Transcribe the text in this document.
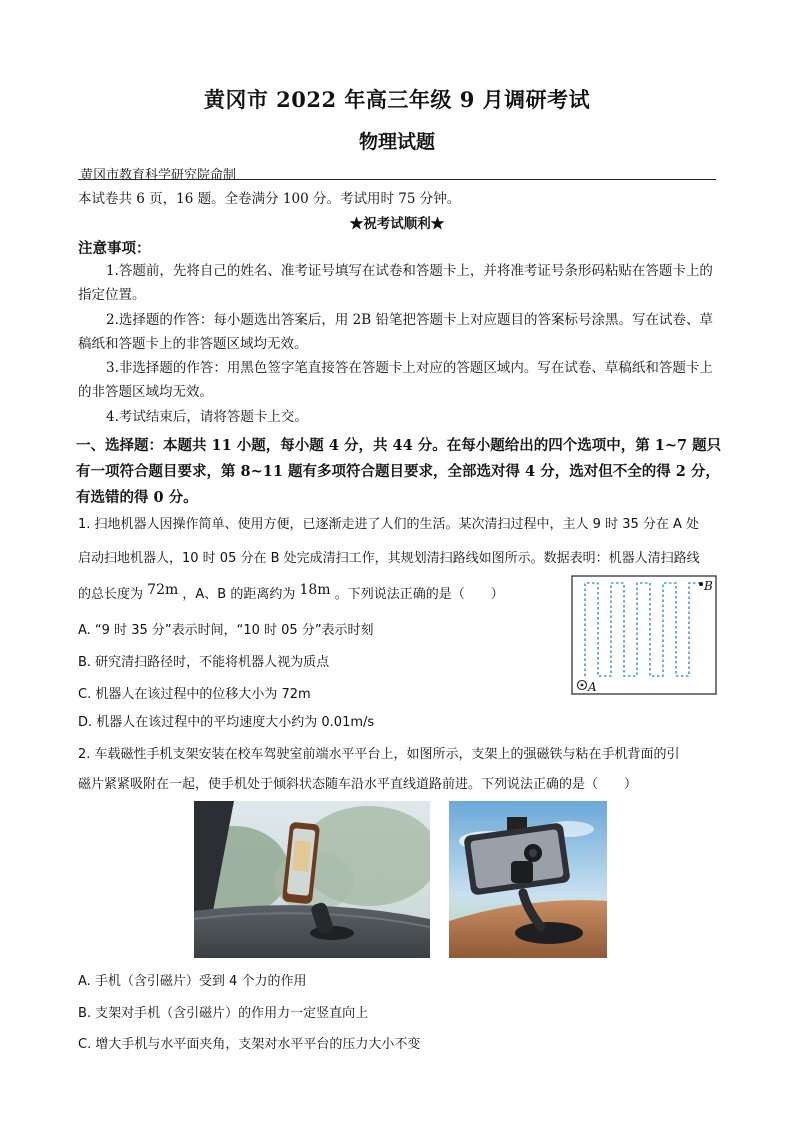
黄冈市 2022 年高三年级 9 月调研考试
物理试题
黄冈市教育科学研究院命制
本试卷共 6 页，16 题。全卷满分 100 分。考试用时 75 分钟。
★祝考试顺利★
注意事项：
1.答题前，先将自己的姓名、准考证号填写在试卷和答题卡上，并将准考证号条形码粘贴在答题卡上的指定位置。
2.选择题的作答：每小题选出答案后，用 2B 铅笔把答题卡上对应题目的答案标号涂黑。写在试卷、草稿纸和答题卡上的非答题区域均无效。
3.非选择题的作答：用黑色签字笔直接答在答题卡上对应的答题区域内。写在试卷、草稿纸和答题卡上的非答题区域均无效。
4.考试结束后，请将答题卡上交。
一、选择题：本题共 11 小题，每小题 4 分，共 44 分。在每小题给出的四个选项中，第 1~7 题只有一项符合题目要求，第 8~11 题有多项符合题目要求，全部选对得 4 分，选对但不全的得 2 分，有选错的得 0 分。
1. 扫地机器人因操作简单、使用方便，已逐渐走进了人们的生活。某次清扫过程中，主人 9 时 35 分在 A 处
启动扫地机器人，10 时 05 分在 B 处完成清扫工作，其规划清扫路线如图所示。数据表明：机器人清扫路线
的总长度为 72m ，A、B 的距离约为 18m 。下列说法正确的是（　　）
A. “9 时 35 分”表示时间，“10 时 05 分”表示时刻
B. 研究清扫路径时，不能将机器人视为质点
C. 机器人在该过程中的位移大小为 72m
D. 机器人在该过程中的平均速度大小约为 0.01m/s
A
B
2. 车载磁性手机支架安装在校车驾驶室前端水平平台上，如图所示，支架上的强磁铁与粘在手机背面的引
磁片紧紧吸附在一起，使手机处于倾斜状态随车沿水平直线道路前进。下列说法正确的是（　　）
A. 手机（含引磁片）受到 4 个力的作用
B. 支架对手机（含引磁片）的作用力一定竖直向上
C. 增大手机与水平面夹角，支架对水平平台的压力大小不变
